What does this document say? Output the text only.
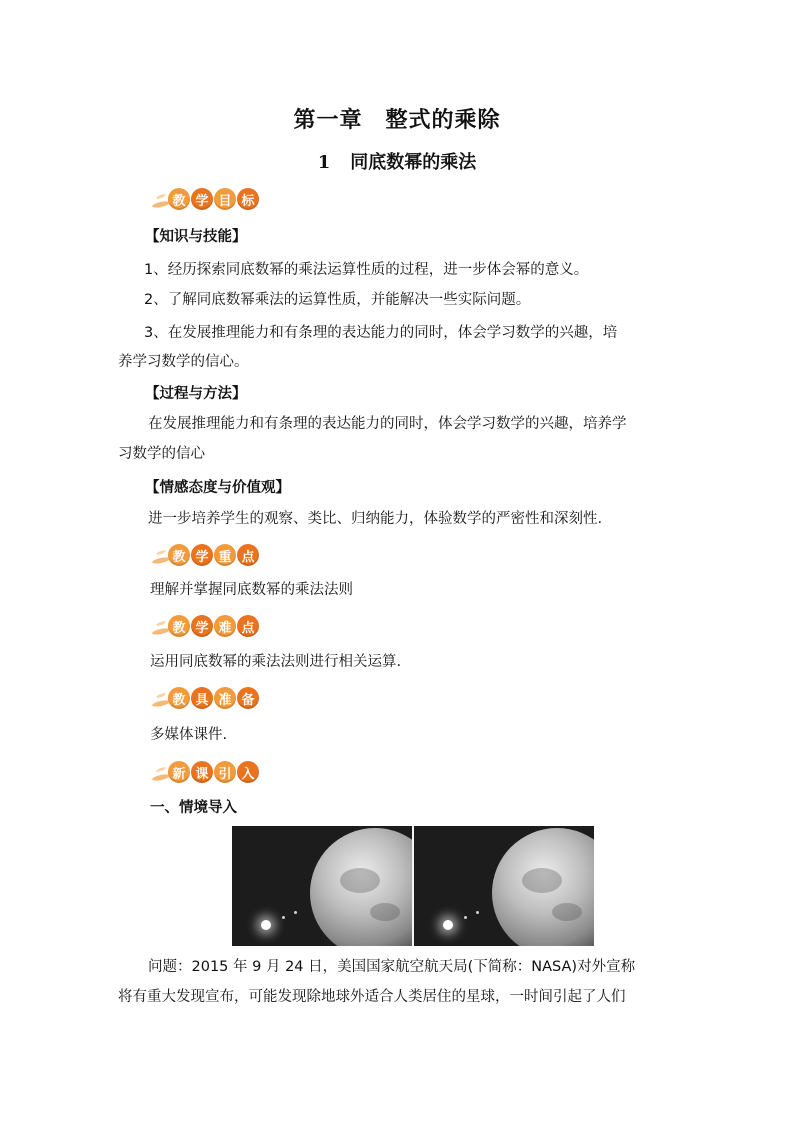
第一章　整式的乘除
1 同底数幂的乘法
教 学 目 标
【知识与技能】
1、经历探索同底数幂的乘法运算性质的过程，进一步体会幂的意义。
2、了解同底数幂乘法的运算性质，并能解决一些实际问题。
3、在发展推理能力和有条理的表达能力的同时，体会学习数学的兴趣，培
养学习数学的信心。
【过程与方法】
在发展推理能力和有条理的表达能力的同时，体会学习数学的兴趣，培养学
习数学的信心
【情感态度与价值观】
进一步培养学生的观察、类比、归纳能力，体验数学的严密性和深刻性.
教 学 重 点
理解并掌握同底数幂的乘法法则
教 学 难 点
运用同底数幂的乘法法则进行相关运算.
教 具 准 备
多媒体课件.
新 课 引 入
一、情境导入
问题：2015 年 9 月 24 日，美国国家航空航天局(下简称：NASA)对外宣称
将有重大发现宣布，可能发现除地球外适合人类居住的星球，一时间引起了人们
